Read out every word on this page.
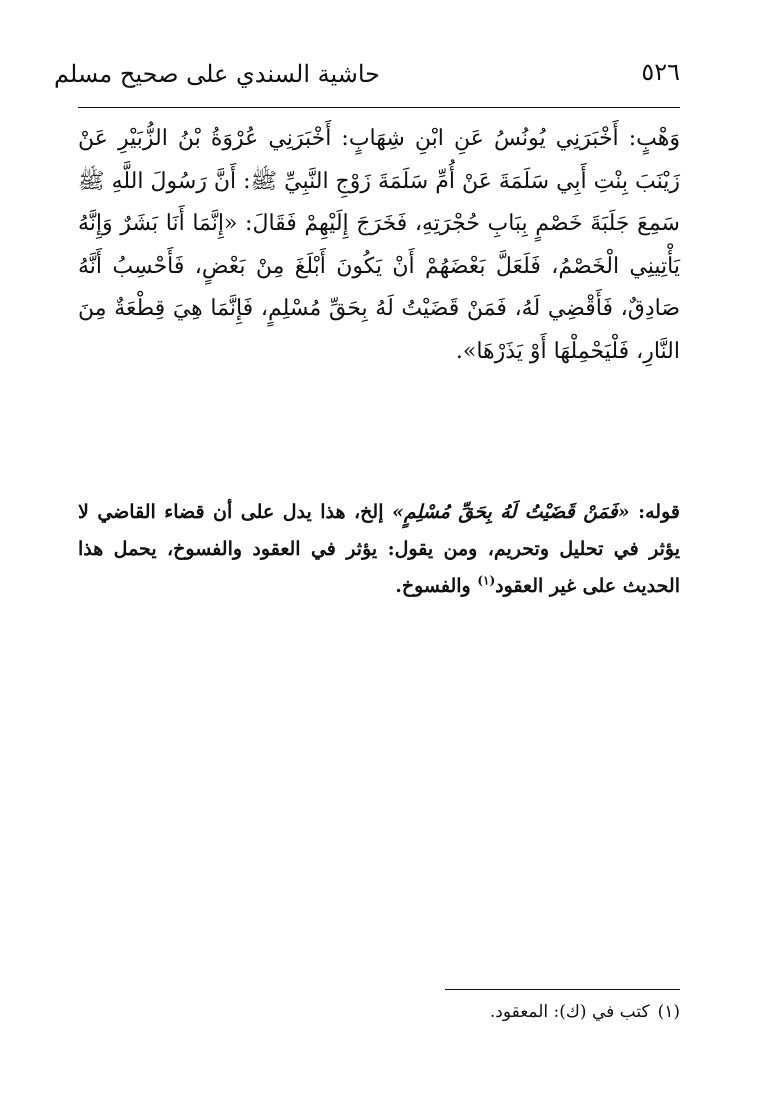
٥٢٦
حاشية السندي على صحيح مسلم

وَهْبٍ: أَخْبَرَنِي يُونُسُ عَنِ ابْنِ شِهَابٍ: أَخْبَرَنِي عُرْوَةُ بْنُ الزُّبَيْرِ عَنْ زَيْنَبَ بِنْتِ أَبِي سَلَمَةَ عَنْ أُمِّ سَلَمَةَ زَوْجِ النَّبِيِّ ﷺ: أَنَّ رَسُولَ اللَّهِ ﷺ سَمِعَ جَلَبَةَ خَصْمٍ بِبَابِ حُجْرَتِهِ، فَخَرَجَ إِلَيْهِمْ فَقَالَ: «إِنَّمَا أَنَا بَشَرٌ وَإِنَّهُ يَأْتِينِي الْخَصْمُ، فَلَعَلَّ بَعْضَهُمْ أَنْ يَكُونَ أَبْلَغَ مِنْ بَعْضٍ، فَأَحْسِبُ أَنَّهُ صَادِقٌ، فَأَقْضِي لَهُ، فَمَنْ قَضَيْتُ لَهُ بِحَقِّ مُسْلِمٍ، فَإِنَّمَا هِيَ قِطْعَةٌ مِنَ النَّارِ، فَلْيَحْمِلْهَا أَوْ يَذَرْهَا».

قوله: «فَمَنْ قَضَيْتُ لَهُ بِحَقِّ مُسْلِمٍ» إلخ، هذا يدل على أن قضاء القاضي لا يؤثر في تحليل وتحريم، ومن يقول: يؤثر في العقود والفسوخ، يحمل هذا الحديث على غير العقود$^{(١)}$ والفسوخ.

(١)كتب في (ك): المعقود.
